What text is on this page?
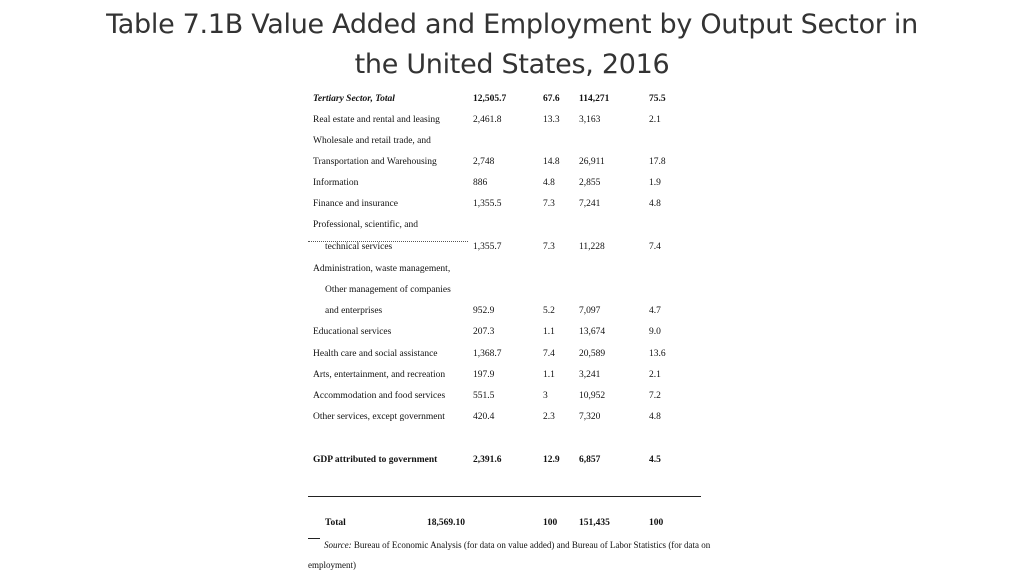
Table 7.1B Value Added and Employment by Output Sector in
the United States, 2016
Tertiary Sector, Total	12,505.7	67.6 114,271	75.5
Real estate and rental and leasing	2,461.8	13.3 3,163	2.1
Wholesale and retail trade, and
Transportation and Warehousing	2,748	14.8 26,911	17.8
Information	886	4.8	2,855	1.9
Finance and insurance	1,355.5	7.3	7,241	4.8
Professional, scientific, and
technical services	1,355.7	7.3	11,228	7.4
Administration, waste management,
Other management of companies
and enterprises	952.9	5.2	7,097	4.7
Educational services	207.3	1.1	13,674	9.0
Health care and social assistance	1,368.7	7.4	20,589	13.6
Arts, entertainment, and recreation	197.9	1.1	3,241	2.1
Accommodation and food services	551.5	3	10,952	7.2
Other services, except government	420.4	2.3	7,320	4.8
GDP attributed to government	2,391.6	12.9 6,857	4.5
Total	18,569.10	100 151,435	100
Source: Bureau of Economic Analysis (for data on value added) and Bureau of Labor Statistics (for data on
employment)
